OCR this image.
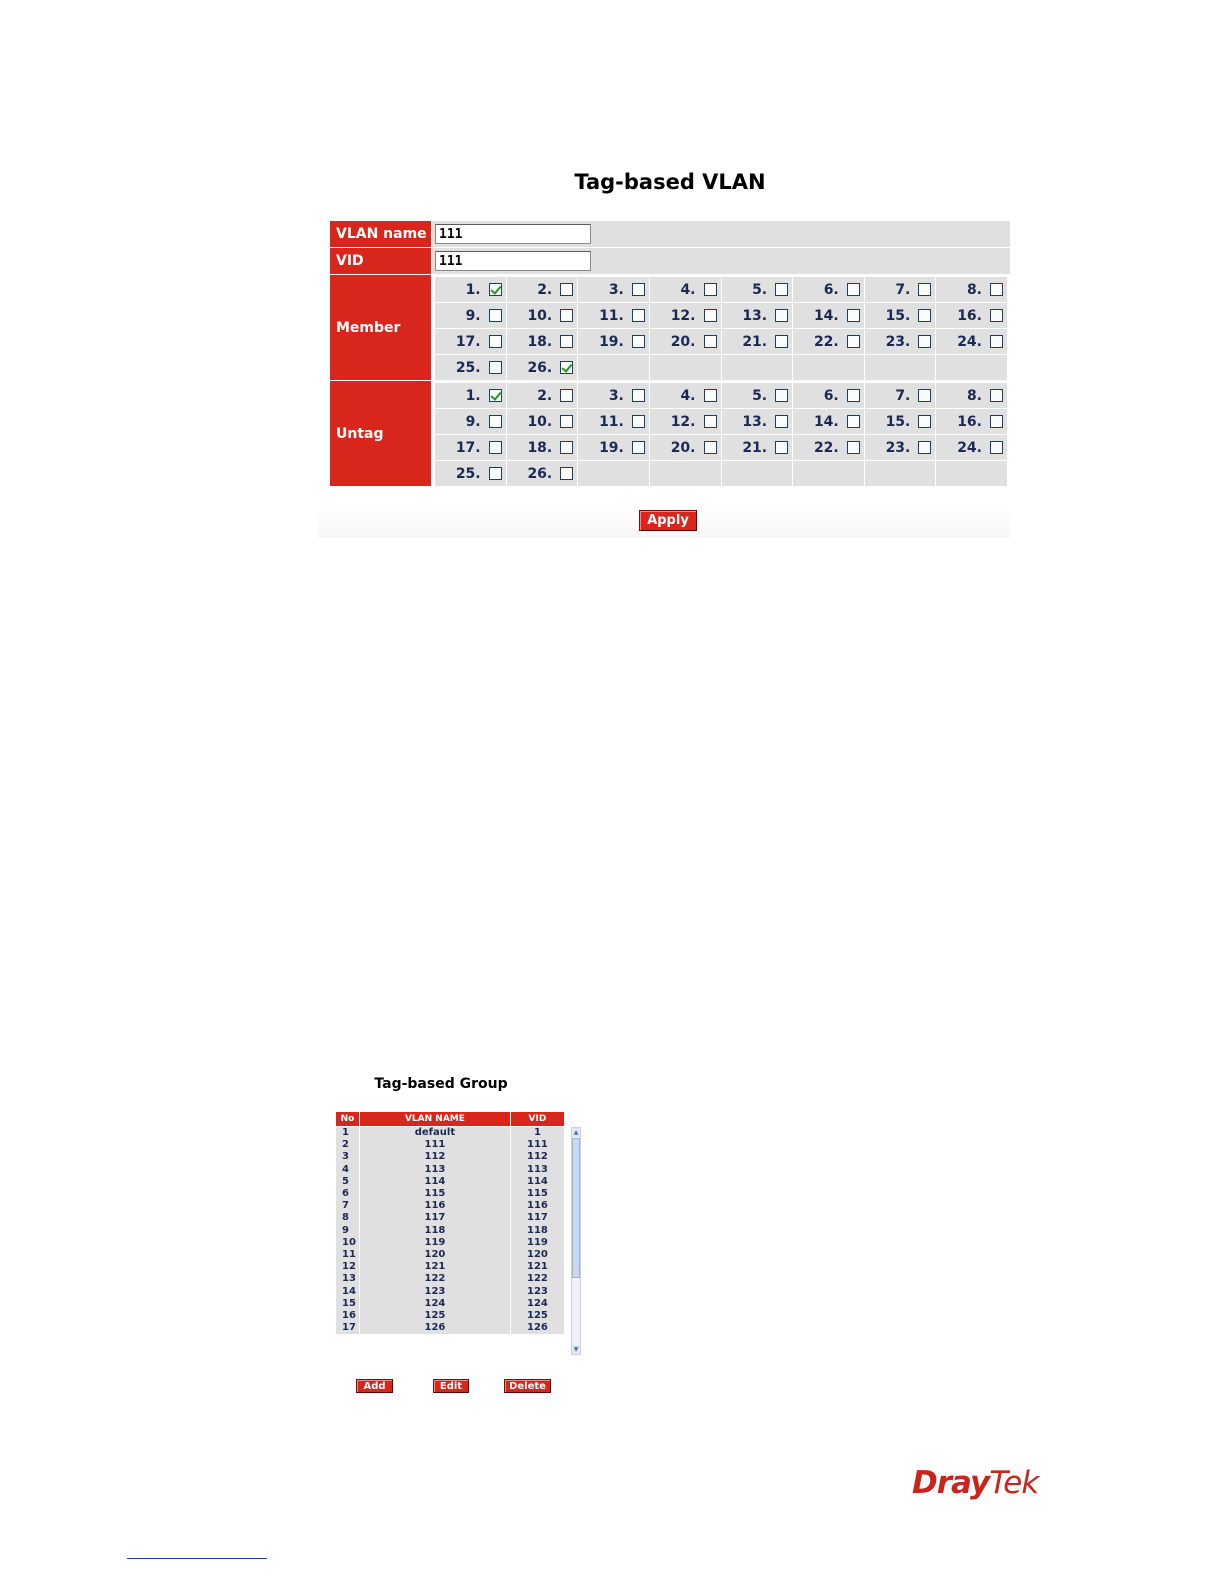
Tag-based VLAN
VLAN name
111
VID
111
Member
1.	2.	3.	4.	5.	6.	7.	8.
9.	10.	11.	12.	13.	14.	15.	16.
17.	18.	19.	20.	21.	22.	23.	24.
25.	26.
Untag
1.	2.	3.	4.	5.	6.	7.	8.
9.	10.	11.	12.	13.	14.	15.	16.
17.	18.	19.	20.	21.	22.	23.	24.
25.	26.
Apply
Tag-based Group
No	VLAN NAME	VID
1	default	1
2	111	111
3	112	112
4	113	113
5	114	114
6	115	115
7	116	116
8	117	117
9	118	118
10	119	119
11	120	120
12	121	121
13	122	122
14	123	123
15	124	124
16	125	125
17	126	126
▲
▼
Add	Edit	Delete
DrayTek
